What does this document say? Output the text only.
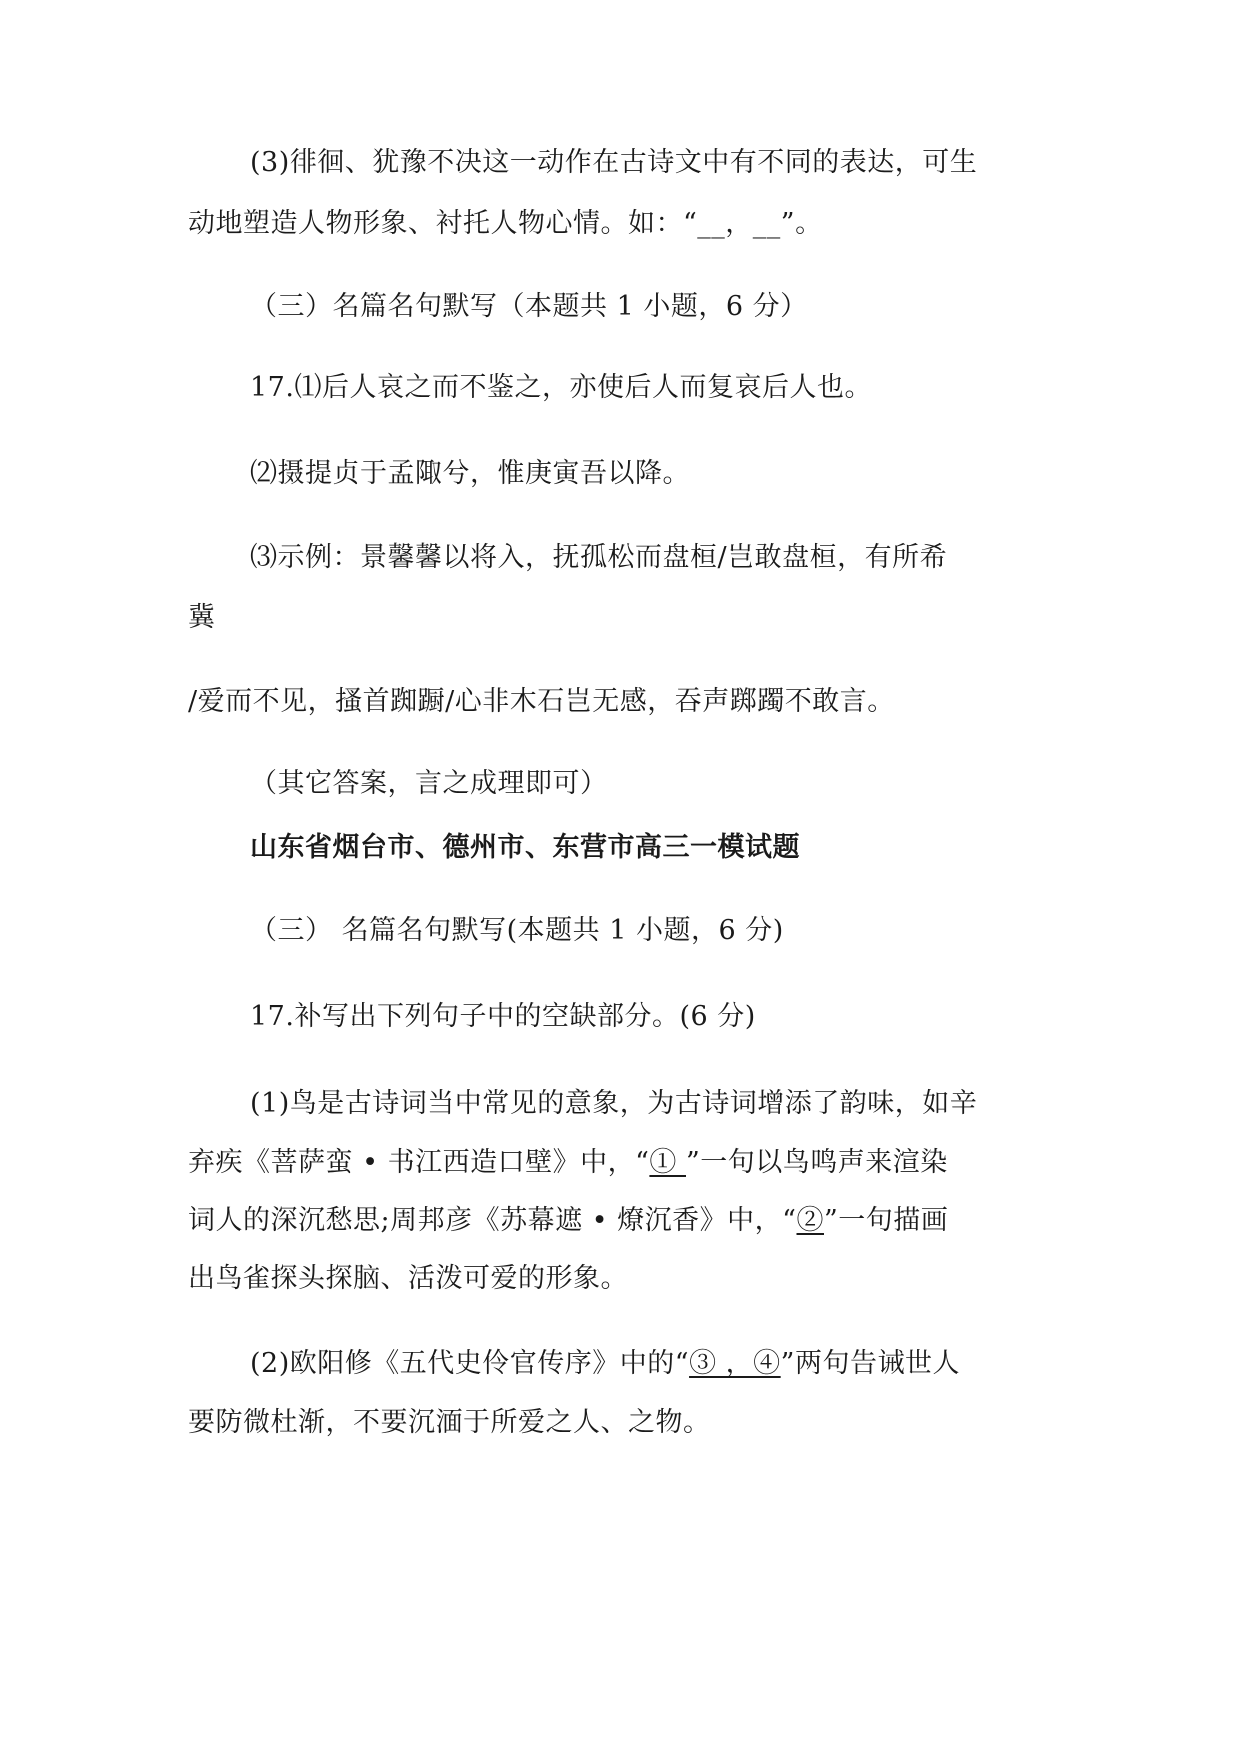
(3)徘徊、犹豫不决这一动作在古诗文中有不同的表达，可生
动地塑造人物形象、衬托人物心情。如：“__，__”。
（三）名篇名句默写（本题共 1 小题，6 分）
17.⑴后人哀之而不鉴之，亦使后人而复哀后人也。
⑵摄提贞于孟陬兮，惟庚寅吾以降。
⑶示例：景馨馨以将入，抚孤松而盘桓/岂敢盘桓，有所希
冀
/爱而不见，搔首踟蹰/心非木石岂无感，吞声踯躅不敢言。
（其它答案，言之成理即可）
山东省烟台市、德州市、东营市高三一模试题
（三） 名篇名句默写(本题共 1 小题，6 分)
17.补写出下列句子中的空缺部分。(6 分)
(1)鸟是古诗词当中常见的意象，为古诗词增添了韵味，如辛
弃疾《菩萨蛮 • 书江西造口壁》中，“① ”一句以鸟鸣声来渲染
词人的深沉愁思;周邦彦《苏幕遮 • 燎沉香》中，“②”一句描画
出鸟雀探头探脑、活泼可爱的形象。
(2)欧阳修《五代史伶官传序》中的“③ ，④”两句告诫世人
要防微杜渐，不要沉湎于所爱之人、之物。
